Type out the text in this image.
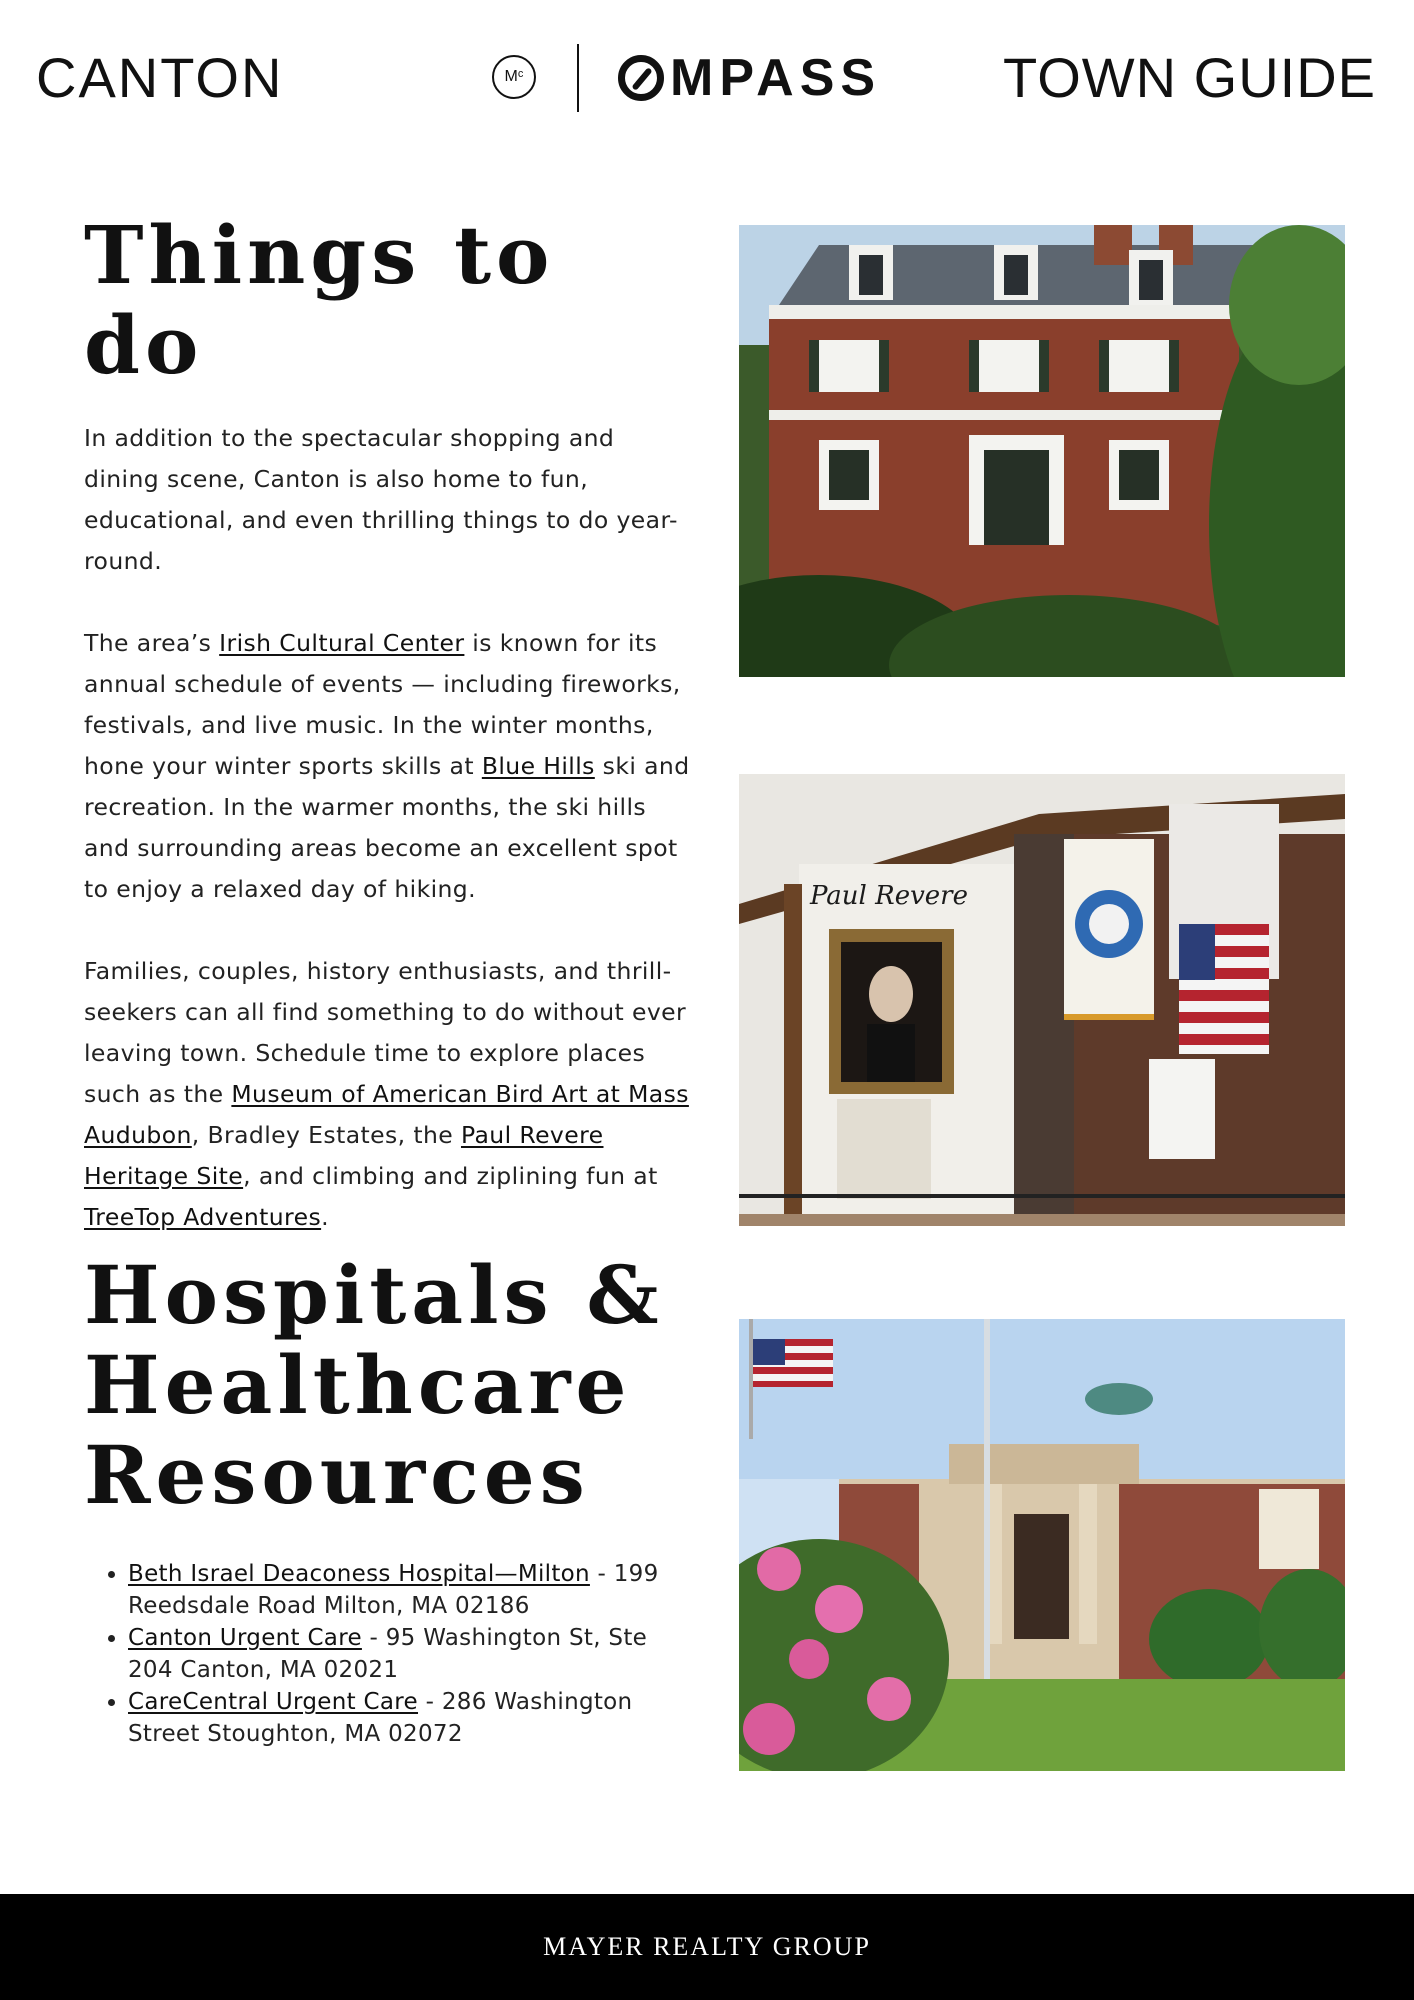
CANTON	Mᶜ	MPASS TOWN GUIDE
Things to do

In addition to the spectacular shopping and dining scene, Canton is also home to fun, educational, and even thrilling things to do year-round.

The area’s Irish Cultural Center is known for its annual schedule of events — including fireworks, festivals, and live music. In the winter months, hone your winter sports skills at Blue Hills ski and recreation. In the warmer months, the ski hills and surrounding areas become an excellent spot to enjoy a relaxed day of hiking.

Families, couples, history enthusiasts, and thrill-seekers can all find something to do without ever leaving town. Schedule time to explore places such as the Museum of American Bird Art at Mass Audubon, Bradley Estates, the Paul Revere Heritage Site, and climbing and ziplining fun at TreeTop Adventures.

Hospitals &
Healthcare
Resources
• Beth Israel Deaconess Hospital—Milton - 199 Reedsdale Road Milton, MA 02186
• Canton Urgent Care - 95 Washington St, Ste 204 Canton, MA 02021
• CareCentral Urgent Care - 286 Washington Street Stoughton, MA 02072
Paul Revere
MAYER REALTY GROUP
